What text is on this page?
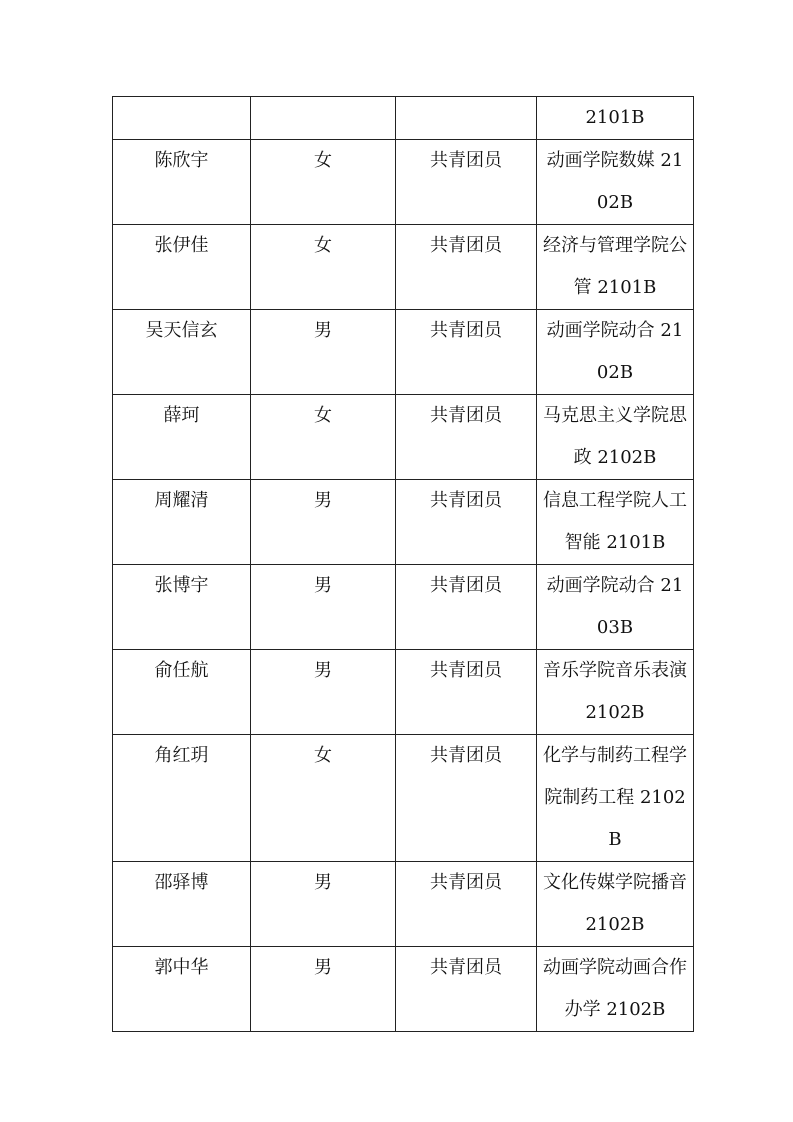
			2101B

陈欣宇	女	共青团员	动画学院数媒 2102B

张伊佳	女	共青团员	经济与管理学院公管 2101B

吴天信玄	男	共青团员	动画学院动合 2102B

薛珂	女	共青团员	马克思主义学院思政 2102B

周耀清	男	共青团员	信息工程学院人工智能 2101B

张博宇	男	共青团员	动画学院动合 2103B

俞任航	男	共青团员	音乐学院音乐表演 2102B

角红玥	女	共青团员	化学与制药工程学院制药工程 2102B

邵驿博	男	共青团员	文化传媒学院播音 2102B

郭中华	男	共青团员	动画学院动画合作办学 2102B
